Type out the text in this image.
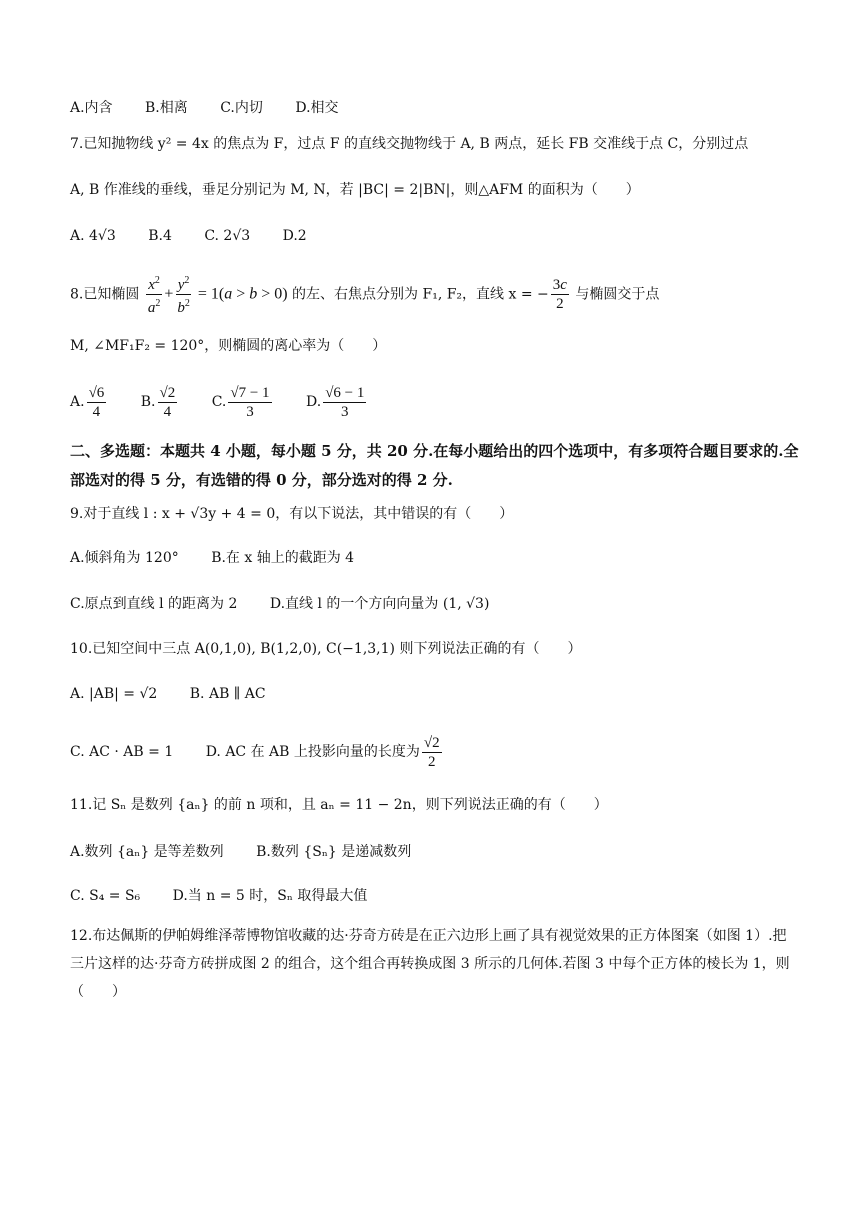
A.内含 B.相离 C.内切 D.相交
7.已知抛物线 y² = 4x 的焦点为 F，过点 F 的直线交抛物线于 A, B 两点，延长 FB 交准线于点 C，分别过点
A, B 作准线的垂线，垂足分别记为 M, N，若 |BC| = 2|BN|，则△AFM 的面积为（　　）
A. 4√3 B.4 C. 2√3 D.2
8.已知椭圆 $\frac{x^2}{a^2} + \frac{y^2}{b^2} = 1(a > b > 0)$ 的左、右焦点分别为 F₁, F₂，直线 x = − $\frac{3c}{2}$ 与椭圆交于点
M, ∠MF₁F₂ = 120°，则椭圆的离心率为（　　）
A. $\frac{√6}{4} B$. $\frac{√2}{4} C$. $\frac{√7 - 1}{3} D$. $\frac{√6 - 1}{3}$
二、多选题：本题共 4 小题，每小题 5 分，共 20 分.在每小题给出的四个选项中，有多项符合题目要求的.全部选对的得 5 分，有选错的得 0 分，部分选对的得 2 分.
9.对于直线 l : x + √3y + 4 = 0，有以下说法，其中错误的有（　　）
A.倾斜角为 120° B.在 x 轴上的截距为 4
C.原点到直线 l 的距离为 2 D.直线 l 的一个方向向量为 (1, √3)
10.已知空间中三点 A(0,1,0), B(1,2,0), C(−1,3,1) 则下列说法正确的有（　　）
A. |AB| = √2 B. AB ∥ AC
C. AC · AB = 1 D. AC 在 AB 上投影向量的长度为 $\frac{√2}{2}$
11.记 Sₙ 是数列 {aₙ} 的前 n 项和，且 aₙ = 11 − 2n，则下列说法正确的有（　　）
A.数列 {aₙ} 是等差数列 B.数列 {Sₙ} 是递减数列
C. S₄ = S₆ D.当 n = 5 时，Sₙ 取得最大值
12.布达佩斯的伊帕姆维泽蒂博物馆收藏的达·芬奇方砖是在正六边形上画了具有视觉效果的正方体图案（如图 1）.把三片这样的达·芬奇方砖拼成图 2 的组合，这个组合再转换成图 3 所示的几何体.若图 3 中每个正方体的棱长为 1，则（　　）
